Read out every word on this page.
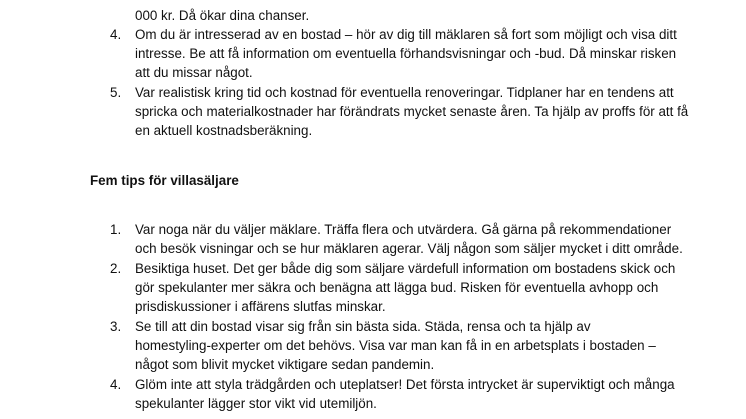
000 kr. Då ökar dina chanser.
4. Om du är intresserad av en bostad – hör av dig till mäklaren så fort som möjligt och visa ditt
intresse. Be att få information om eventuella förhandsvisningar och -bud. Då minskar risken
att du missar något.
5. Var realistisk kring tid och kostnad för eventuella renoveringar. Tidplaner har en tendens att
spricka och materialkostnader har förändrats mycket senaste åren. Ta hjälp av proffs för att få
en aktuell kostnadsberäkning.
Fem tips för villasäljare
1. Var noga när du väljer mäklare. Träffa flera och utvärdera. Gå gärna på rekommendationer
och besök visningar och se hur mäklaren agerar. Välj någon som säljer mycket i ditt område.
2. Besiktiga huset. Det ger både dig som säljare värdefull information om bostadens skick och
gör spekulanter mer säkra och benägna att lägga bud. Risken för eventuella avhopp och
prisdiskussioner i affärens slutfas minskar.
3. Se till att din bostad visar sig från sin bästa sida. Städa, rensa och ta hjälp av
homestyling-experter om det behövs. Visa var man kan få in en arbetsplats i bostaden –
något som blivit mycket viktigare sedan pandemin.
4. Glöm inte att styla trädgården och uteplatser! Det första intrycket är superviktigt och många
spekulanter lägger stor vikt vid utemiljön.
